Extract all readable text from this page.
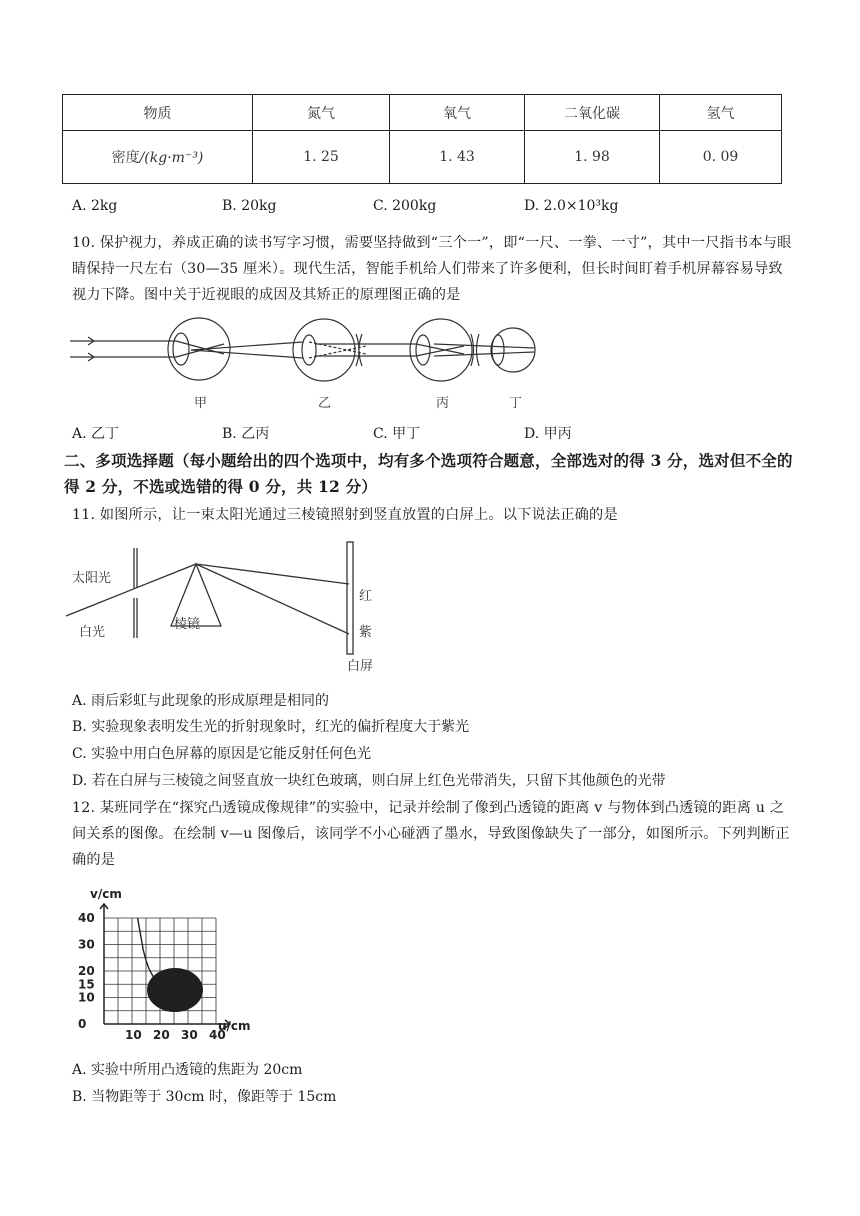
物质	氮气	氧气	二氧化碳	氢气
密度/(kg·m⁻³)	1. 25	1. 43	1. 98	0. 09
A. 2kg	B. 20kg	C. 200kg	D. 2.0×10³kg
10. 保护视力，养成正确的读书写字习惯，需要坚持做到“三个一”，即“一尺、一拳、一寸”，其中一尺指书本与眼睛保持一尺左右（30—35 厘米）。现代生活，智能手机给人们带来了许多便利，但长时间盯着手机屏幕容易导致视力下降。图中关于近视眼的成因及其矫正的原理图正确的是
甲	乙	丙	丁
A. 乙丁	B. 乙丙	C. 甲丁	D. 甲丙
二、多项选择题（每小题给出的四个选项中，均有多个选项符合题意，全部选对的得 3 分，选对但不全的得 2 分，不选或选错的得 0 分，共 12 分）
11. 如图所示，让一束太阳光通过三棱镜照射到竖直放置的白屏上。以下说法正确的是
太阳光
白光
棱镜
红
紫
白屏
A. 雨后彩虹与此现象的形成原理是相同的
B. 实验现象表明发生光的折射现象时，红光的偏折程度大于紫光
C. 实验中用白色屏幕的原因是它能反射任何色光
D. 若在白屏与三棱镜之间竖直放一块红色玻璃，则白屏上红色光带消失，只留下其他颜色的光带
12. 某班同学在“探究凸透镜成像规律”的实验中，记录并绘制了像到凸透镜的距离 v 与物体到凸透镜的距离 u 之间关系的图像。在绘制 v—u 图像后，该同学不小心碰洒了墨水，导致图像缺失了一部分，如图所示。下列判断正确的是
10 20 30 40
0
10
15
20
30
40
v/cm
u/cm
A. 实验中所用凸透镜的焦距为 20cm
B. 当物距等于 30cm 时，像距等于 15cm
